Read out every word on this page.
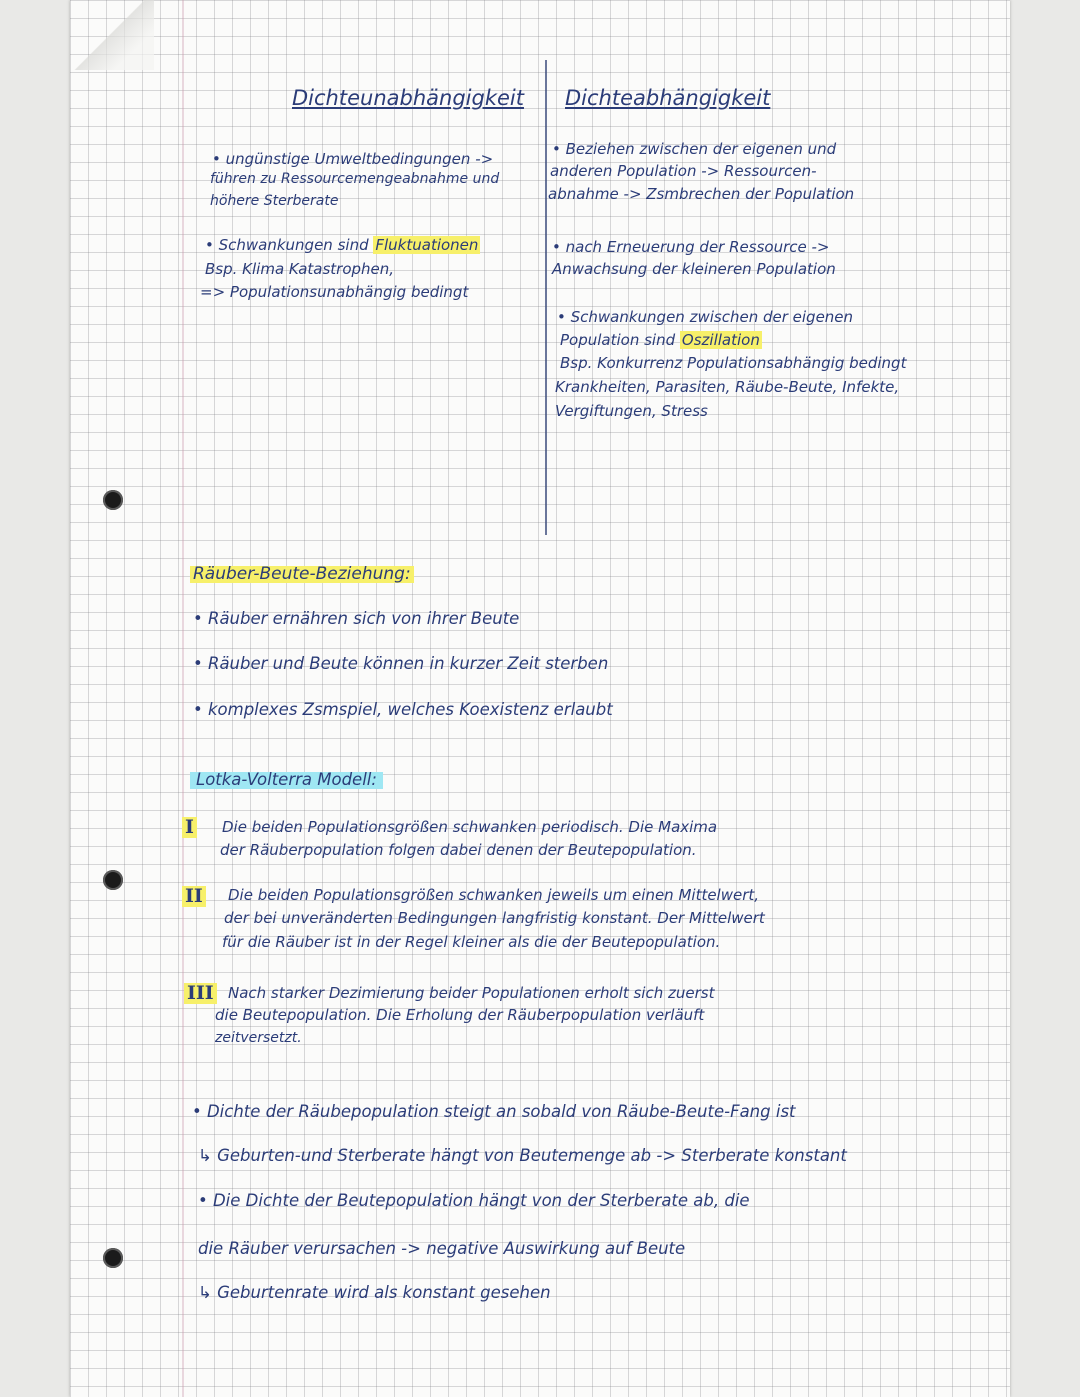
Dichteunabhängigkeit
• ungünstige Umweltbedingungen ->
führen zu Ressourcemengeabnahme und
höhere Sterberate
• Schwankungen sind Fluktuationen
Bsp. Klima Katastrophen,
=> Populationsunabhängig bedingt
Dichteabhängigkeit
• Beziehen zwischen der eigenen und
anderen Population -> Ressourcen-
abnahme -> Zsmbrechen der Population
• nach Erneuerung der Ressource ->
Anwachsung der kleineren Population
• Schwankungen zwischen der eigenen
Population sind Oszillation
Bsp. Konkurrenz Populationsabhängig bedingt
Krankheiten, Parasiten, Räube-Beute, Infekte,
Vergiftungen, Stress
Räuber-Beute-Beziehung:
• Räuber ernähren sich von ihrer Beute
• Räuber und Beute können in kurzer Zeit sterben
• komplexes Zsmspiel, welches Koexistenz erlaubt
Lotka-Volterra Modell:
I Die beiden Populationsgrößen schwanken periodisch. Die Maxima
der Räuberpopulation folgen dabei denen der Beutepopulation.
II Die beiden Populationsgrößen schwanken jeweils um einen Mittelwert,
der bei unveränderten Bedingungen langfristig konstant. Der Mittelwert
für die Räuber ist in der Regel kleiner als die der Beutepopulation.
III Nach starker Dezimierung beider Populationen erholt sich zuerst
die Beutepopulation. Die Erholung der Räuberpopulation verläuft
zeitversetzt.
• Dichte der Räubepopulation steigt an sobald von Räube-Beute-Fang ist
↳ Geburten-und Sterberate hängt von Beutemenge ab -> Sterberate konstant
• Die Dichte der Beutepopulation hängt von der Sterberate ab, die
die Räuber verursachen -> negative Auswirkung auf Beute
↳ Geburtenrate wird als konstant gesehen
